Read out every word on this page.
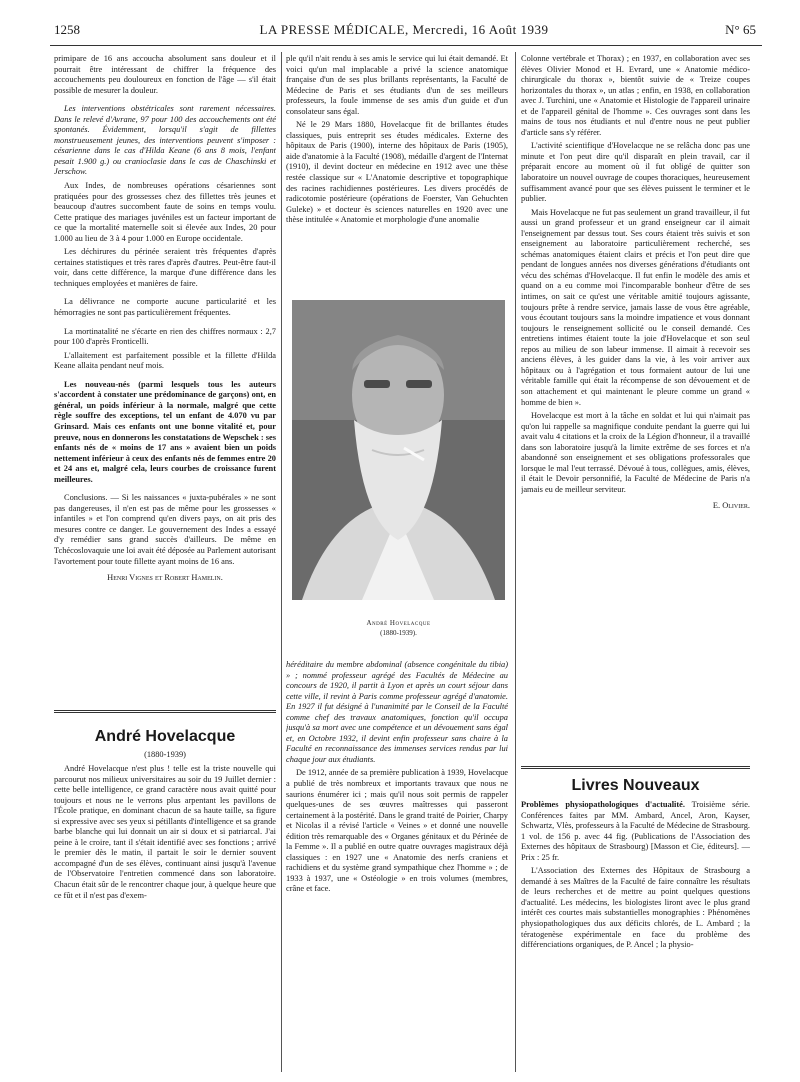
1258	LA PRESSE MÉDICALE, Mercredi, 16 Août 1939	N° 65

primipare de 16 ans accoucha absolument sans douleur et il pourrait être intéressant de chiffrer la fréquence des accouchements peu douloureux en fonction de l'âge — s'il était possible de mesurer la douleur.

Les interventions obstétricales sont rarement nécessaires. Dans le relevé d'Avrane, 97 pour 100 des accouchements ont été spontanés. Évidemment, lorsqu'il s'agit de fillettes monstrueusement jeunes, des interventions peuvent s'imposer : césarienne dans le cas d'Hilda Keane (6 ans 8 mois, l'enfant pesait 1.900 g.) ou cranioclasie dans le cas de Chaschinski et Jerschow.

Aux Indes, de nombreuses opérations césariennes sont pratiquées pour des grossesses chez des fillettes très jeunes et beaucoup d'autres succombent faute de soins en temps voulu. Cette pratique des mariages juvéniles est un facteur important de ce que la mortalité maternelle soit si élevée aux Indes, 20 pour 1.000 au lieu de 3 à 4 pour 1.000 en Europe occidentale.

Les déchirures du périnée seraient très fréquentes d'après certaines statistiques et très rares d'après d'autres. Peut-être faut-il voir, dans cette différence, la marque d'une différence dans les techniques employées et manières de faire.

La délivrance ne comporte aucune particularité et les hémorragies ne sont pas particulièrement fréquentes.

La mortinatalité ne s'écarte en rien des chiffres normaux : 2,7 pour 100 d'après Fronticelli.

L'allaitement est parfaitement possible et la fillette d'Hilda Keane allaita pendant neuf mois.

Les nouveau-nés (parmi lesquels tous les auteurs s'accordent à constater une prédominance de garçons) ont, en général, un poids inférieur à la normale, malgré que cette règle souffre des exceptions, tel un enfant de 4.070 vu par Grinsard. Mais ces enfants ont une bonne vitalité et, pour preuve, nous en donnerons les constatations de Wepschek : ses enfants nés de « moins de 17 ans » avaient bien un poids nettement inférieur à ceux des enfants nés de femmes entre 20 et 24 ans et, malgré cela, leurs courbes de croissance furent meilleures.

Conclusions. — Si les naissances « juxta-pubérales » ne sont pas dangereuses, il n'en est pas de même pour les grossesses « infantiles » et l'on comprend qu'en divers pays, on ait pris des mesures contre ce danger. Le gouvernement des Indes a essayé d'y remédier sans grand succès d'ailleurs. De même en Tchécoslovaquie une loi avait été déposée au Parlement autorisant l'avortement pour toute fillette ayant moins de 16 ans.

Henri Vignes et Robert Hamelin.
André Hovelacque
(1880-1939)

André Hovelacque n'est plus ! telle est la triste nouvelle qui parcourut nos milieux universitaires au soir du 19 Juillet dernier : cette belle intelligence, ce grand caractère nous avait quitté pour toujours et nous ne le verrons plus arpentant les pavillons de l'École pratique, en dominant chacun de sa haute taille, sa figure si expressive avec ses yeux si pétillants d'intelligence et sa grande barbe blanche qui lui donnait un air si doux et si patriarcal. J'ai peine à le croire, tant il s'était identifié avec ses fonctions ; arrivé le premier dès le matin, il partait le soir le dernier souvent accompagné d'un de ses élèves, continuant ainsi jusqu'à l'avenue de l'Observatoire l'entretien commencé dans son laboratoire. Chacun était sûr de le rencontrer chaque jour, à quelque heure que ce fût et il n'est pas d'exem-

ple qu'il n'ait rendu à ses amis le service qui lui était demandé. Et voici qu'un mal implacable a privé la science anatomique française d'un de ses plus brillants représentants, la Faculté de Médecine de Paris et ses étudiants d'un de ses meilleurs professeurs, la foule immense de ses amis d'un guide et d'un consolateur sans égal.

Né le 29 Mars 1880, Hovelacque fit de brillantes études classiques, puis entreprit ses études médicales. Externe des hôpitaux de Paris (1900), interne des hôpitaux de Paris (1905), aide d'anatomie à la Faculté (1908), médaille d'argent de l'Internat (1910), il devint docteur en médecine en 1912 avec une thèse restée classique sur « L'Anatomie descriptive et topographique des racines rachidiennes postérieures. Les divers procédés de radicotomie postérieure (opérations de Foerster, Van Gehuchten Guleke) » et docteur ès sciences naturelles en 1920 avec une thèse intitulée « Anatomie et morphologie d'une anomalie

André Hovelacque
(1880-1939).

héréditaire du membre abdominal (absence congénitale du tibia) » ; nommé professeur agrégé des Facultés de Médecine au concours de 1920, il partit à Lyon et après un court séjour dans cette ville, il revint à Paris comme professeur agrégé d'anatomie. En 1927 il fut désigné à l'unanimité par le Conseil de la Faculté comme chef des travaux anatomiques, fonction qu'il occupa jusqu'à sa mort avec une compétence et un dévouement sans égal et, en Octobre 1932, il devint enfin professeur sans chaire à la Faculté en reconnaissance des immenses services rendus par lui chaque jour aux étudiants.

De 1912, année de sa première publication à 1939, Hovelacque a publié de très nombreux et importants travaux que nous ne saurions énumérer ici ; mais qu'il nous soit permis de rappeler quelques-unes de ses œuvres maîtresses qui passeront certainement à la postérité. Dans le grand traité de Poirier, Charpy et Nicolas il a révisé l'article « Veines » et donné une nouvelle édition très remarquable des « Organes génitaux et du Périnée de la Femme ». Il a publié en outre quatre ouvrages magistraux déjà classiques : en 1927 une « Anatomie des nerfs craniens et rachidiens et du système grand sympathique chez l'homme » ; de 1933 à 1937, une « Ostéologie » en trois volumes (membres, crâne et face.

Colonne vertébrale et Thorax) ; en 1937, en collaboration avec ses élèves Olivier Monod et H. Evrard, une « Anatomie médico-chirurgicale du thorax », bientôt suivie de « Treize coupes horizontales du thorax », un atlas ; enfin, en 1938, en collaboration avec J. Turchini, une « Anatomie et Histologie de l'appareil urinaire et de l'appareil génital de l'homme ». Ces ouvrages sont dans les mains de tous nos étudiants et nul d'entre nous ne peut publier d'article sans s'y référer.

L'activité scientifique d'Hovelacque ne se relâcha donc pas une minute et l'on peut dire qu'il disparaît en plein travail, car il préparait encore au moment où il fut obligé de quitter son laboratoire un nouvel ouvrage de coupes thoraciques, heureusement suffisamment avancé pour que ses élèves puissent le terminer et le publier.

Mais Hovelacque ne fut pas seulement un grand travailleur, il fut aussi un grand professeur et un grand enseigneur car il aimait l'enseignement par dessus tout. Ses cours étaient très suivis et son enseignement au laboratoire particulièrement recherché, ses schémas anatomiques étaient clairs et précis et l'on peut dire que pendant de longues années nos diverses générations d'étudiants ont vécu des schémas d'Hovelacque. Il fut enfin le modèle des amis et quand on a eu comme moi l'incomparable bonheur d'être de ses intimes, on sait ce qu'est une véritable amitié toujours agissante, toujours prête à rendre service, jamais lasse de vous être agréable, vous écoutant toujours sans la moindre impatience et vous donnant toujours le renseignement sollicité ou le conseil demandé. Ces entretiens intimes étaient toute la joie d'Hovelacque et son seul repos au milieu de son labeur immense. Il aimait à recevoir ses anciens élèves, à les guider dans la vie, à les voir arriver aux hôpitaux ou à l'agrégation et tous formaient autour de lui une véritable famille qui était la récompense de son dévouement et de son attachement et qui maintenant le pleure comme un grand « homme de bien ».

Hovelacque est mort à la tâche en soldat et lui qui n'aimait pas qu'on lui rappelle sa magnifique conduite pendant la guerre qui lui avait valu 4 citations et la croix de la Légion d'honneur, il a travaillé dans son laboratoire jusqu'à la limite extrême de ses forces et n'a abandonné son enseignement et ses obligations professorales que lorsque le mal l'eut terrassé. Dévoué à tous, collègues, amis, élèves, il était le Devoir personnifié, la Faculté de Médecine de Paris n'a jamais eu de meilleur serviteur.

E. Olivier.
Livres Nouveaux

Problèmes physiopathologiques d'actualité. Troisième série. Conférences faites par MM. Ambard, Ancel, Aron, Kayser, Schwartz, Vlès, professeurs à la Faculté de Médecine de Strasbourg. 1 vol. de 156 p. avec 44 fig. (Publications de l'Association des Externes des hôpitaux de Strasbourg) [Masson et Cie, éditeurs]. — Prix : 25 fr.

L'Association des Externes des Hôpitaux de Strasbourg a demandé à ses Maîtres de la Faculté de faire connaître les résultats de leurs recherches et de mettre au point quelques questions d'actualité. Les médecins, les biologistes liront avec le plus grand intérêt ces courtes mais substantielles monographies : Phénomènes physiopathologiques dus aux déficits chlorés, de L. Ambard ; la tératogenèse expérimentale en face du problème des différenciations organiques, de P. Ancel ; la physio-
